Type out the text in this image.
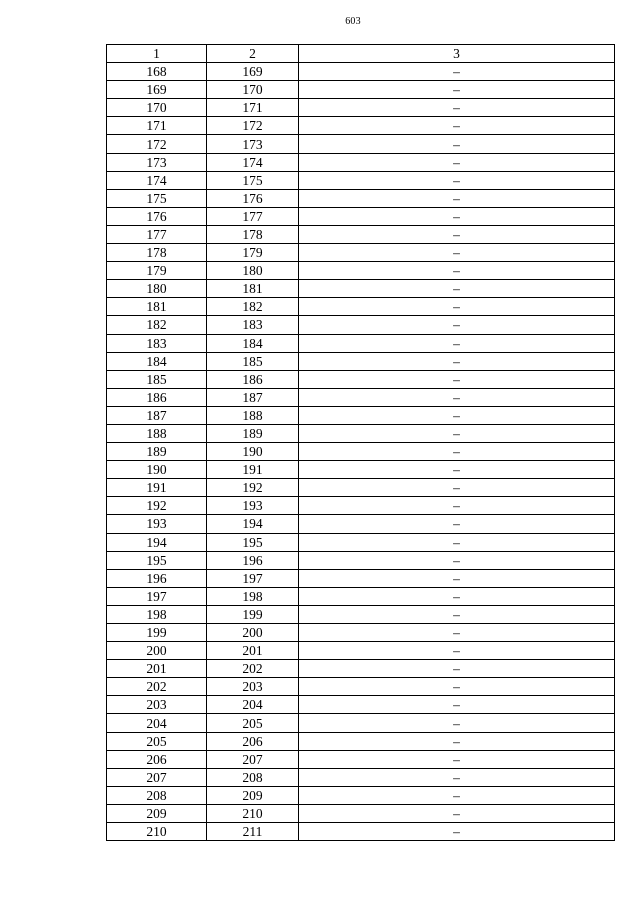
603
1	2	3
168	169	–
169	170	–
170	171	–
171	172	–
172	173	–
173	174	–
174	175	–
175	176	–
176	177	–
177	178	–
178	179	–
179	180	–
180	181	–
181	182	–
182	183	–
183	184	–
184	185	–
185	186	–
186	187	–
187	188	–
188	189	–
189	190	–
190	191	–
191	192	–
192	193	–
193	194	–
194	195	–
195	196	–
196	197	–
197	198	–
198	199	–
199	200	–
200	201	–
201	202	–
202	203	–
203	204	–
204	205	–
205	206	–
206	207	–
207	208	–
208	209	–
209	210	–
210	211	–
